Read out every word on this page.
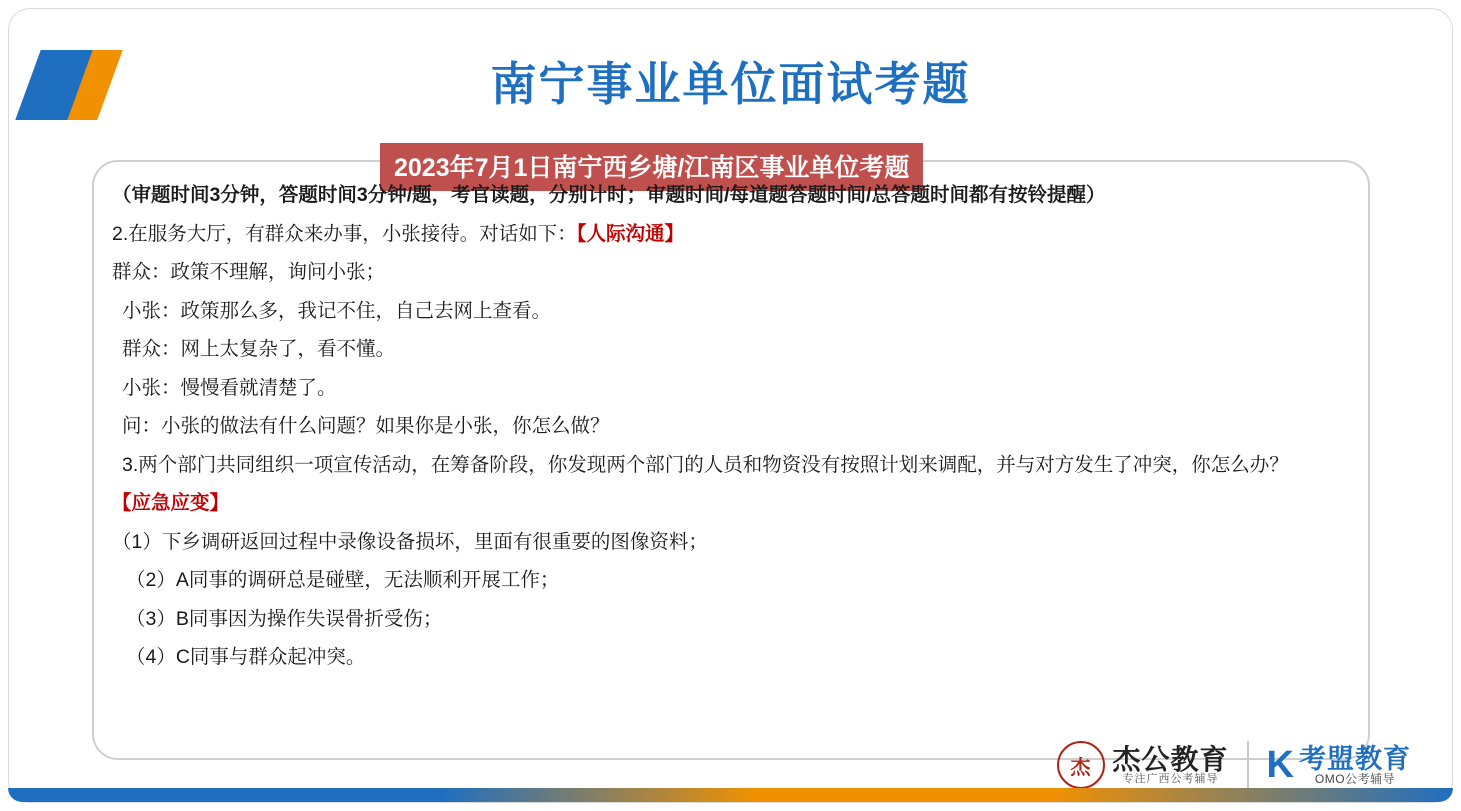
南宁事业单位面试考题
2023年7月1日南宁西乡塘/江南区事业单位考题
（审题时间3分钟，答题时间3分钟/题，考官读题，分别计时；审题时间/每道题答题时间/总答题时间都有按铃提醒）
2.在服务大厅，有群众来办事，小张接待。对话如下：【人际沟通】
群众：政策不理解，询问小张；
小张：政策那么多，我记不住，自己去网上查看。
群众：网上太复杂了，看不懂。
小张：慢慢看就清楚了。
问：小张的做法有什么问题？如果你是小张，你怎么做？
3.两个部门共同组织一项宣传活动，在筹备阶段，你发现两个部门的人员和物资没有按照计划来调配，并与对方发生了冲突，你怎么办？
【应急应变】
（1）下乡调研返回过程中录像设备损坏，里面有很重要的图像资料；
（2）A同事的调研总是碰壁，无法顺利开展工作；
（3）B同事因为操作失误骨折受伤；
（4）C同事与群众起冲突。
杰 杰公教育
专注广西公考辅导 K 考盟教育
OMO公考辅导
